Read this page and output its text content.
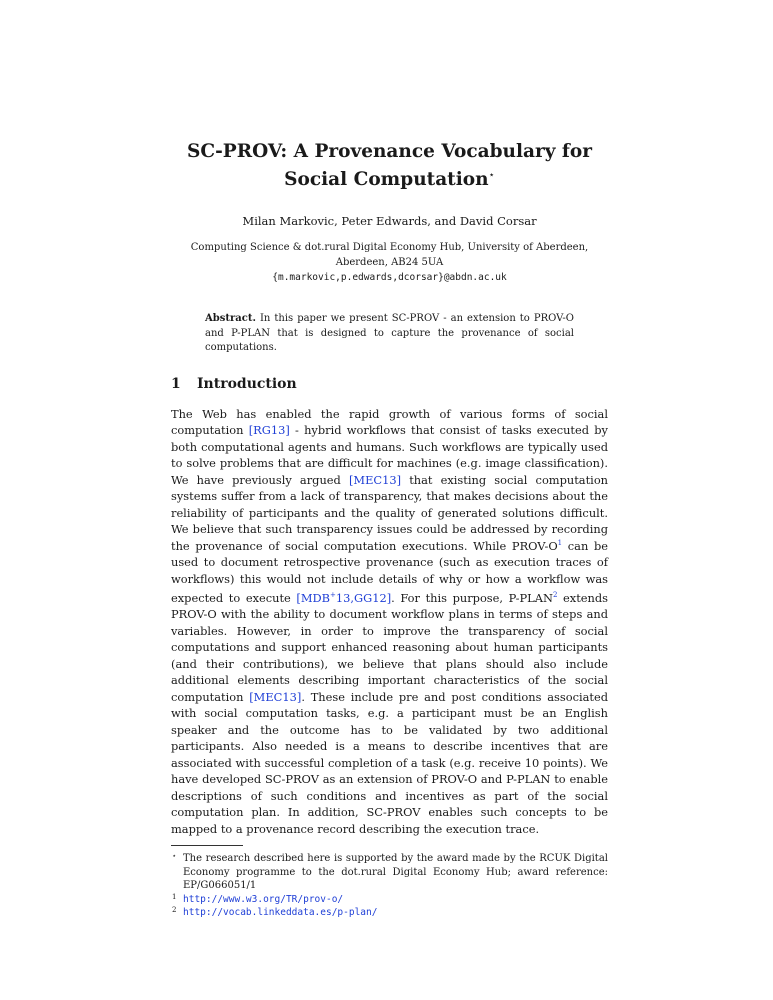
SC-PROV: A Provenance Vocabulary for Social Computation⋆
Milan Markovic, Peter Edwards, and David Corsar
Computing Science & dot.rural Digital Economy Hub, University of Aberdeen,
Aberdeen, AB24 5UA
{m.markovic,p.edwards,dcorsar}@abdn.ac.uk
Abstract. In this paper we present SC-PROV - an extension to PROV-O and P-PLAN that is designed to capture the provenance of social computations.
1 Introduction
The Web has enabled the rapid growth of various forms of social computation [RG13] - hybrid workflows that consist of tasks executed by both computational agents and humans. Such workflows are typically used to solve problems that are difficult for machines (e.g. image classification). We have previously argued [MEC13] that existing social computation systems suffer from a lack of transparency, that makes decisions about the reliability of participants and the quality of generated solutions difficult. We believe that such transparency issues could be addressed by recording the provenance of social computation executions. While PROV-O$^1$ can be used to document retrospective provenance (such as execution traces of workflows) this would not include details of why or how a workflow was expected to execute [MDB+13,GG12]. For this purpose, P-PLAN$^2$ extends PROV-O with the ability to document workflow plans in terms of steps and variables. However, in order to improve the transparency of social computations and support enhanced reasoning about human participants (and their contributions), we believe that plans should also include additional elements describing important characteristics of the social computation [MEC13]. These include pre and post conditions associated with social computation tasks, e.g. a participant must be an English speaker and the outcome has to be validated by two additional participants. Also needed is a means to describe incentives that are associated with successful completion of a task (e.g. receive 10 points). We have developed SC-PROV as an extension of PROV-O and P-PLAN to enable descriptions of such conditions and incentives as part of the social computation plan. In addition, SC-PROV enables such concepts to be mapped to a provenance record describing the execution trace.
⋆ The research described here is supported by the award made by the RCUK Digital Economy programme to the dot.rural Digital Economy Hub; award reference: EP/G066051/1
1 http://www.w3.org/TR/prov-o/
2 http://vocab.linkeddata.es/p-plan/
